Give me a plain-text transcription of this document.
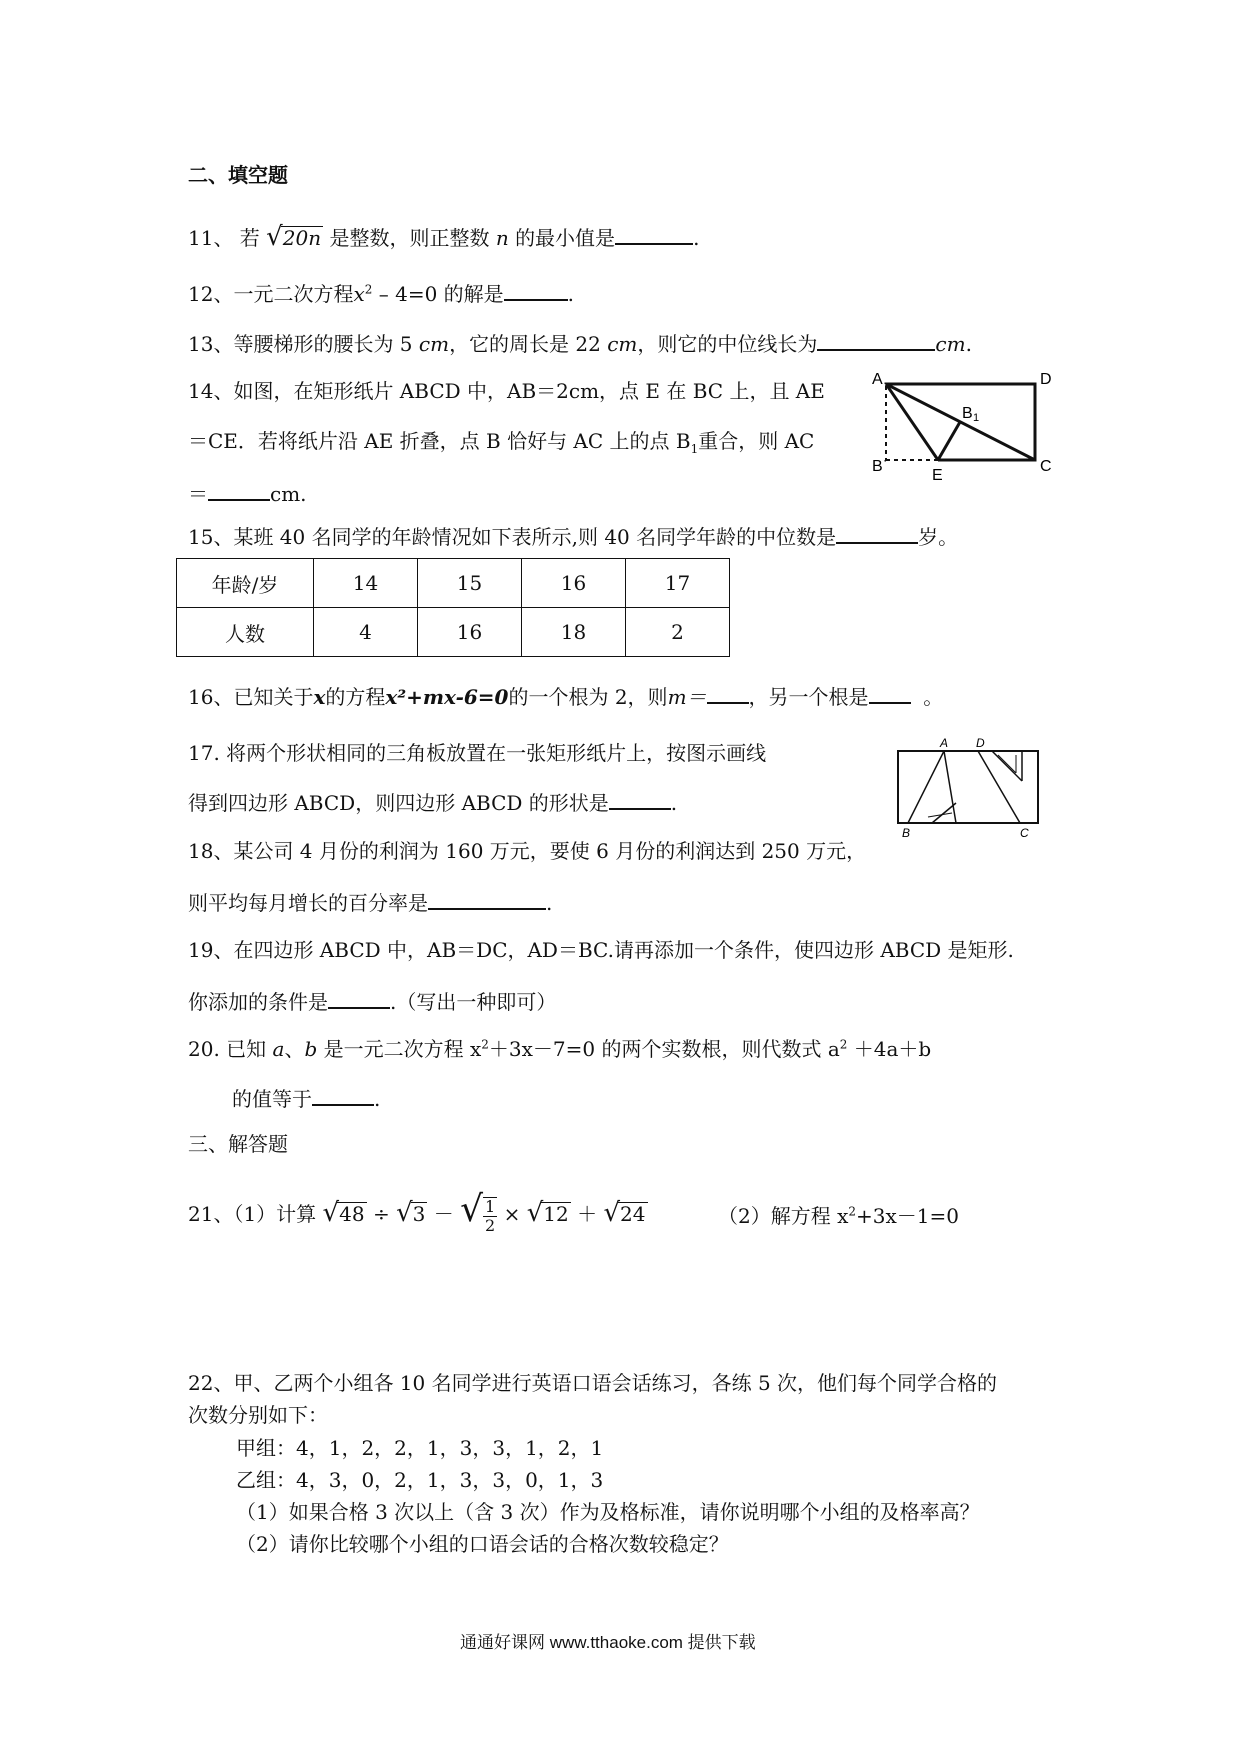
二、填空题
11、 若 √20n 是整数，则正整数 n 的最小值是	.
12、一元二次方程$x^2 - 4=0$ 的解是	.
13、等腰梯形的腰长为 5 cm，它的周长是 22 cm，则它的中位线长为	cm.
14、如图，在矩形纸片 ABCD 中，AB＝2cm，点 E 在 BC 上，且 AE
＝CE．若将纸片沿 AE 折叠，点 B 恰好与 AC 上的点 $B_1$重合，则 AC
＝	cm.
A	D
B	C
E
B 1
15、某班 40 名同学的年龄情况如下表所示,则 40 名同学年龄的中位数是	岁。
年龄/岁	14	15	16	17
人数	4	16	18	2
16、已知关于x的方程x²+mx-6=0的一个根为 2，则m＝ ，另一个根是	。
17. 将两个形状相同的三角板放置在一张矩形纸片上，按图示画线
得到四边形 ABCD，则四边形 ABCD 的形状是	.
A D
B	C
18、某公司 4 月份的利润为 160 万元，要使 6 月份的利润达到 250 万元，
则平均每月增长的百分率是	.
19、在四边形 ABCD 中，AB＝DC，AD＝BC.请再添加一个条件，使四边形 ABCD 是矩形.
你添加的条件是	.（写出一种即可）
20. 已知 a、b 是一元二次方程 $x^2+3x-7=0$ 的两个实数根，则代数式 $a^2 +4a+b$
的值等于	.
三、解答题
21、（1）计算 √48 ÷ √3 － √ $\frac{1}{2} \times √12 + √24$	（2）解方程 $x^2+3x-1=0$
22、甲、乙两个小组各 10 名同学进行英语口语会话练习，各练 5 次，他们每个同学合格的
次数分别如下：
甲组：4，1，2，2，1，3，3，1，2，1
乙组：4，3，0，2，1，3，3，0，1，3
（1）如果合格 3 次以上（含 3 次）作为及格标准，请你说明哪个小组的及格率高？
（2）请你比较哪个小组的口语会话的合格次数较稳定？
通通好课网 www.tthaoke.com 提供下载
